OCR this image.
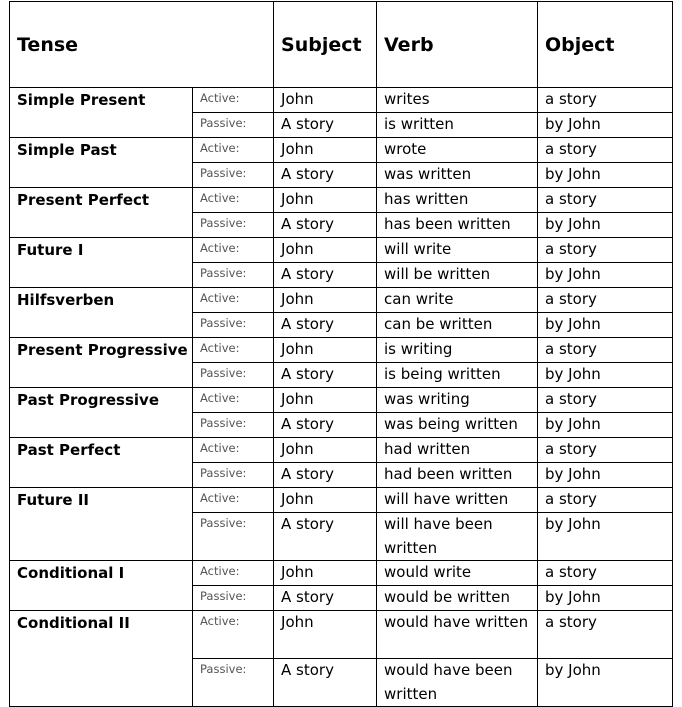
Tense		Subject	Verb	Object
Simple Present	Active:	John	writes	a story
	Passive:	A story	is written	by John
Simple Past	Active:	John	wrote	a story
	Passive:	A story	was written	by John
Present Perfect	Active:	John	has written	a story
	Passive:	A story	has been written	by John
Future I	Active:	John	will write	a story
	Passive:	A story	will be written	by John
Hilfsverben	Active:	John	can write	a story
	Passive:	A story	can be written	by John
Present Progressive	Active:	John	is writing	a story
	Passive:	A story	is being written	by John
Past Progressive	Active:	John	was writing	a story
	Passive:	A story	was being written	by John
Past Perfect	Active:	John	had written	a story
	Passive:	A story	had been written	by John
Future II	Active:	John	will have written	a story
	Passive:	A story	will have been written	by John
Conditional I	Active:	John	would write	a story
	Passive:	A story	would be written	by John
Conditional II	Active:	John	would have written	a story
	Passive:	A story	would have been written	by John
